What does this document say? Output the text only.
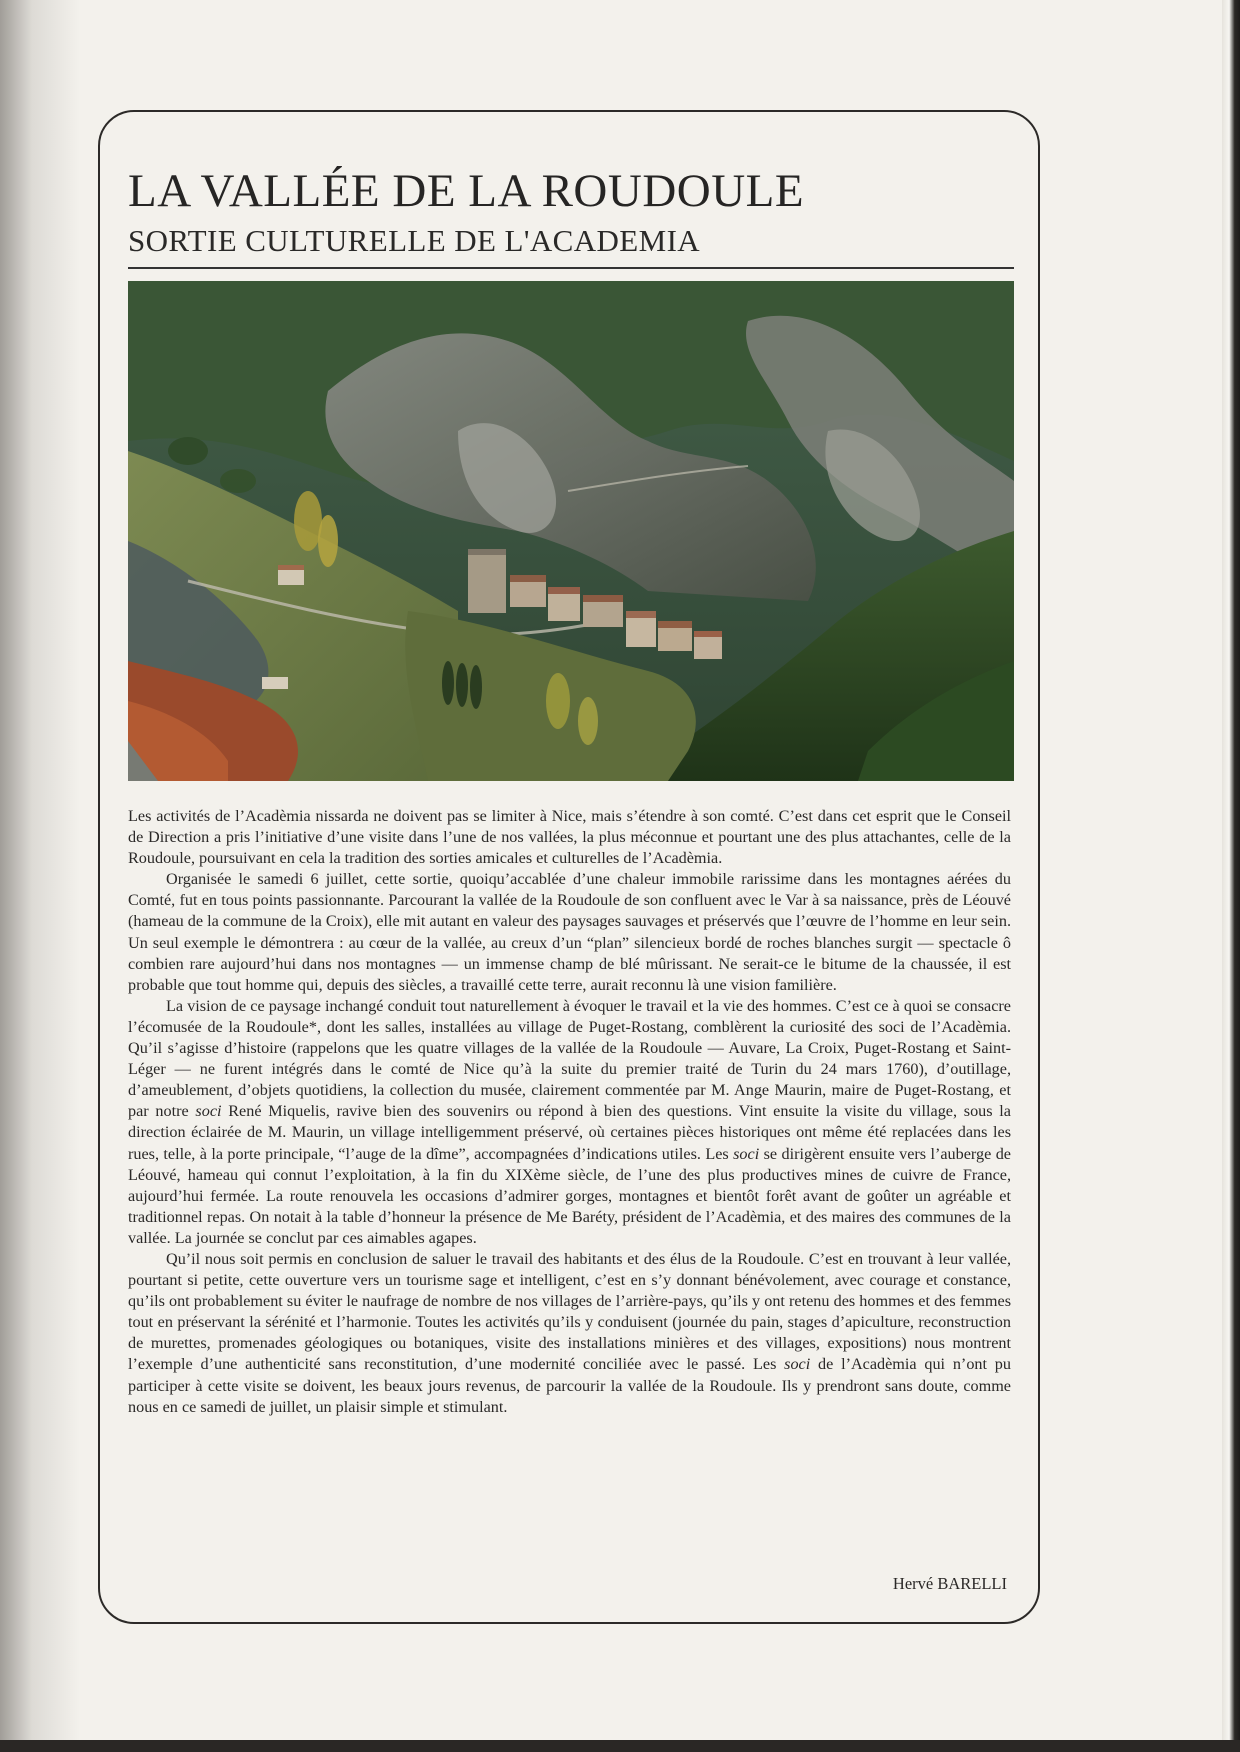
LA VALLÉE DE LA ROUDOULE
SORTIE CULTURELLE DE L'ACADEMIA

Les activités de l’Acadèmia nissarda ne doivent pas se limiter à Nice, mais s’étendre à son comté. C’est dans cet esprit que le Conseil de Direction a pris l’initiative d’une visite dans l’une de nos vallées, la plus méconnue et pourtant une des plus attachantes, celle de la Roudoule, poursuivant en cela la tradition des sorties amicales et culturelles de l’Acadèmia.

Organisée le samedi 6 juillet, cette sortie, quoiqu’accablée d’une chaleur immobile rarissime dans les montagnes aérées du Comté, fut en tous points passionnante. Parcourant la vallée de la Roudoule de son confluent avec le Var à sa naissance, près de Léouvé (hameau de la commune de la Croix), elle mit autant en valeur des paysages sauvages et préservés que l’œuvre de l’homme en leur sein. Un seul exemple le démontrera : au cœur de la vallée, au creux d’un “plan” silencieux bordé de roches blanches surgit — spectacle ô combien rare aujourd’hui dans nos montagnes — un immense champ de blé mûrissant. Ne serait-ce le bitume de la chaussée, il est probable que tout homme qui, depuis des siècles, a travaillé cette terre, aurait reconnu là une vision familière.

La vision de ce paysage inchangé conduit tout naturellement à évoquer le travail et la vie des hommes. C’est ce à quoi se consacre l’écomusée de la Roudoule*, dont les salles, installées au village de Puget-Rostang, comblèrent la curiosité des soci de l’Acadèmia. Qu’il s’agisse d’histoire (rappelons que les quatre villages de la vallée de la Roudoule — Auvare, La Croix, Puget-Rostang et Saint-Léger — ne furent intégrés dans le comté de Nice qu’à la suite du premier traité de Turin du 24 mars 1760), d’outillage, d’ameublement, d’objets quotidiens, la collection du musée, clairement commentée par M. Ange Maurin, maire de Puget-Rostang, et par notre soci René Miquelis, ravive bien des souvenirs ou répond à bien des questions. Vint ensuite la visite du village, sous la direction éclairée de M. Maurin, un village intelligemment préservé, où certaines pièces historiques ont même été replacées dans les rues, telle, à la porte principale, “l’auge de la dîme”, accompagnées d’indications utiles. Les soci se dirigèrent ensuite vers l’auberge de Léouvé, hameau qui connut l’exploitation, à la fin du XIXème siècle, de l’une des plus productives mines de cuivre de France, aujourd’hui fermée. La route renouvela les occasions d’admirer gorges, montagnes et bientôt forêt avant de goûter un agréable et traditionnel repas. On notait à la table d’honneur la présence de Me Baréty, président de l’Acadèmia, et des maires des communes de la vallée. La journée se conclut par ces aimables agapes.

Qu’il nous soit permis en conclusion de saluer le travail des habitants et des élus de la Roudoule. C’est en trouvant à leur vallée, pourtant si petite, cette ouverture vers un tourisme sage et intelligent, c’est en s’y donnant bénévolement, avec courage et constance, qu’ils ont probablement su éviter le naufrage de nombre de nos villages de l’arrière-pays, qu’ils y ont retenu des hommes et des femmes tout en préservant la sérénité et l’harmonie. Toutes les activités qu’ils y conduisent (journée du pain, stages d’apiculture, reconstruction de murettes, promenades géologiques ou botaniques, visite des installations minières et des villages, expositions) nous montrent l’exemple d’une authenticité sans reconstitution, d’une modernité conciliée avec le passé. Les soci de l’Acadèmia qui n’ont pu participer à cette visite se doivent, les beaux jours revenus, de parcourir la vallée de la Roudoule. Ils y prendront sans doute, comme nous en ce samedi de juillet, un plaisir simple et stimulant.

Hervé BARELLI
